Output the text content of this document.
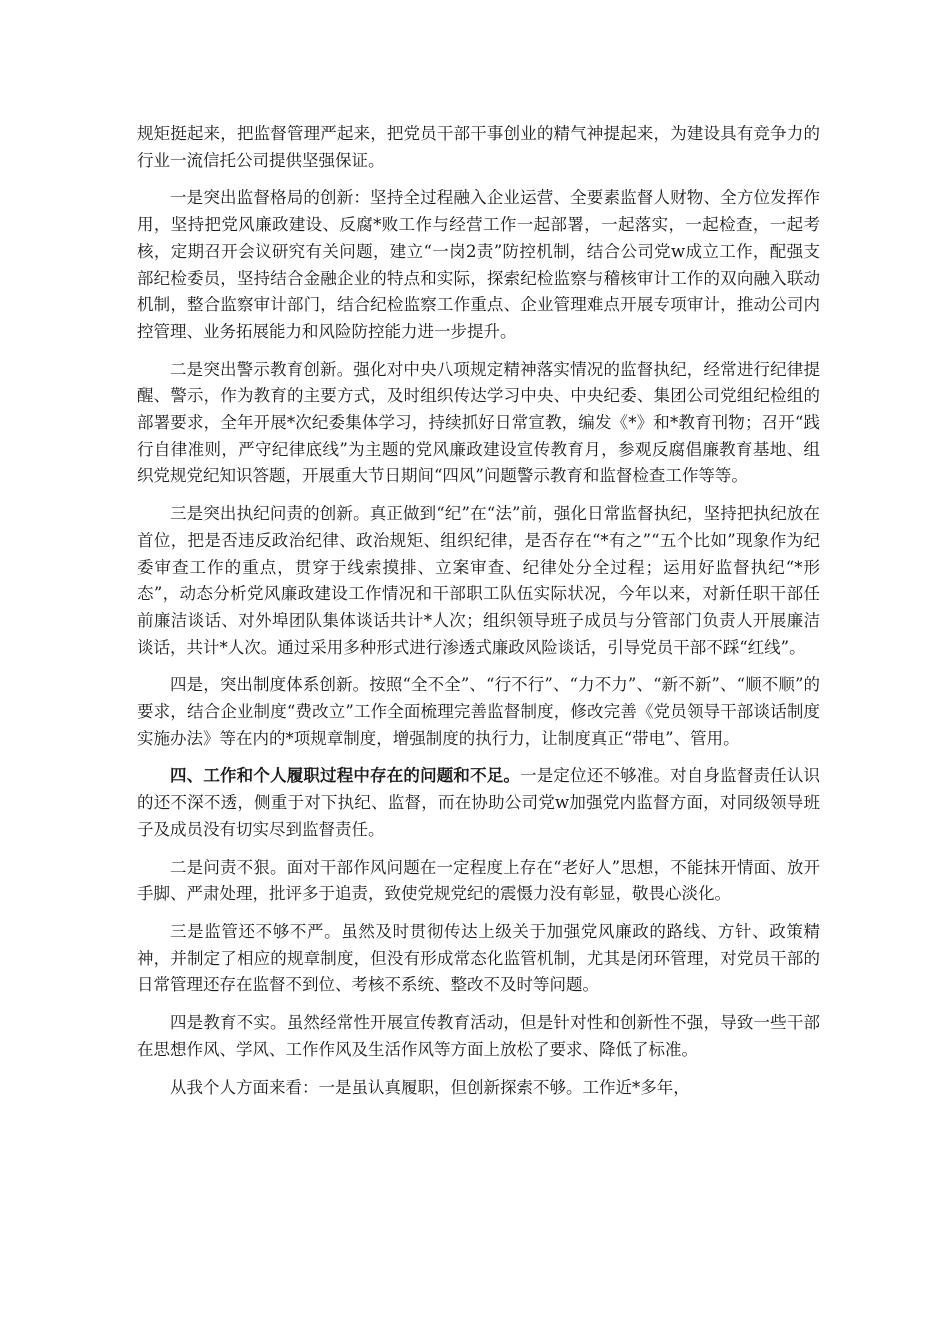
规矩挺起来，把监督管理严起来，把党员干部干事创业的精气神提起来，为建设具有竞争力的行业一流信托公司提供坚强保证。

一是突出监督格局的创新：坚持全过程融入企业运营、全要素监督人财物、全方位发挥作用，坚持把党风廉政建设、反腐*败工作与经营工作一起部署，一起落实，一起检查，一起考核，定期召开会议研究有关问题，建立“一岗2责”防控机制，结合公司党w成立工作，配强支部纪检委员，坚持结合金融企业的特点和实际，探索纪检监察与稽核审计工作的双向融入联动机制，整合监察审计部门，结合纪检监察工作重点、企业管理难点开展专项审计，推动公司内控管理、业务拓展能力和风险防控能力进一步提升。

二是突出警示教育创新。强化对中央八项规定精神落实情况的监督执纪，经常进行纪律提醒、警示，作为教育的主要方式，及时组织传达学习中央、中央纪委、集团公司党组纪检组的部署要求，全年开展*次纪委集体学习，持续抓好日常宣教，编发《*》和*教育刊物；召开“践行自律准则，严守纪律底线”为主题的党风廉政建设宣传教育月，参观反腐倡廉教育基地、组织党规党纪知识答题，开展重大节日期间“四风”问题警示教育和监督检查工作等等。

三是突出执纪问责的创新。真正做到“纪”在“法”前，强化日常监督执纪，坚持把执纪放在首位，把是否违反政治纪律、政治规矩、组织纪律，是否存在“*有之”“五个比如”现象作为纪委审查工作的重点，贯穿于线索摸排、立案审查、纪律处分全过程；运用好监督执纪“*形态”，动态分析党风廉政建设工作情况和干部职工队伍实际状况，今年以来，对新任职干部任前廉洁谈话、对外埠团队集体谈话共计*人次；组织领导班子成员与分管部门负责人开展廉洁谈话，共计*人次。通过采用多种形式进行渗透式廉政风险谈话，引导党员干部不踩“红线”。

四是，突出制度体系创新。按照“全不全”、“行不行”、“力不力”、“新不新”、“顺不顺”的要求，结合企业制度“费改立”工作全面梳理完善监督制度，修改完善《党员领导干部谈话制度实施办法》等在内的*项规章制度，增强制度的执行力，让制度真正“带电”、管用。

四、工作和个人履职过程中存在的问题和不足。一是定位还不够准。对自身监督责任认识的还不深不透，侧重于对下执纪、监督，而在协助公司党w加强党内监督方面，对同级领导班子及成员没有切实尽到监督责任。

二是问责不狠。面对干部作风问题在一定程度上存在“老好人”思想，不能抹开情面、放开手脚、严肃处理，批评多于追责，致使党规党纪的震慑力没有彰显，敬畏心淡化。

三是监管还不够不严。虽然及时贯彻传达上级关于加强党风廉政的路线、方针、政策精神，并制定了相应的规章制度，但没有形成常态化监管机制，尤其是闭环管理，对党员干部的日常管理还存在监督不到位、考核不系统、整改不及时等问题。

四是教育不实。虽然经常性开展宣传教育活动，但是针对性和创新性不强，导致一些干部在思想作风、学风、工作作风及生活作风等方面上放松了要求、降低了标准。

从我个人方面来看：一是虽认真履职，但创新探索不够。工作近*多年，
